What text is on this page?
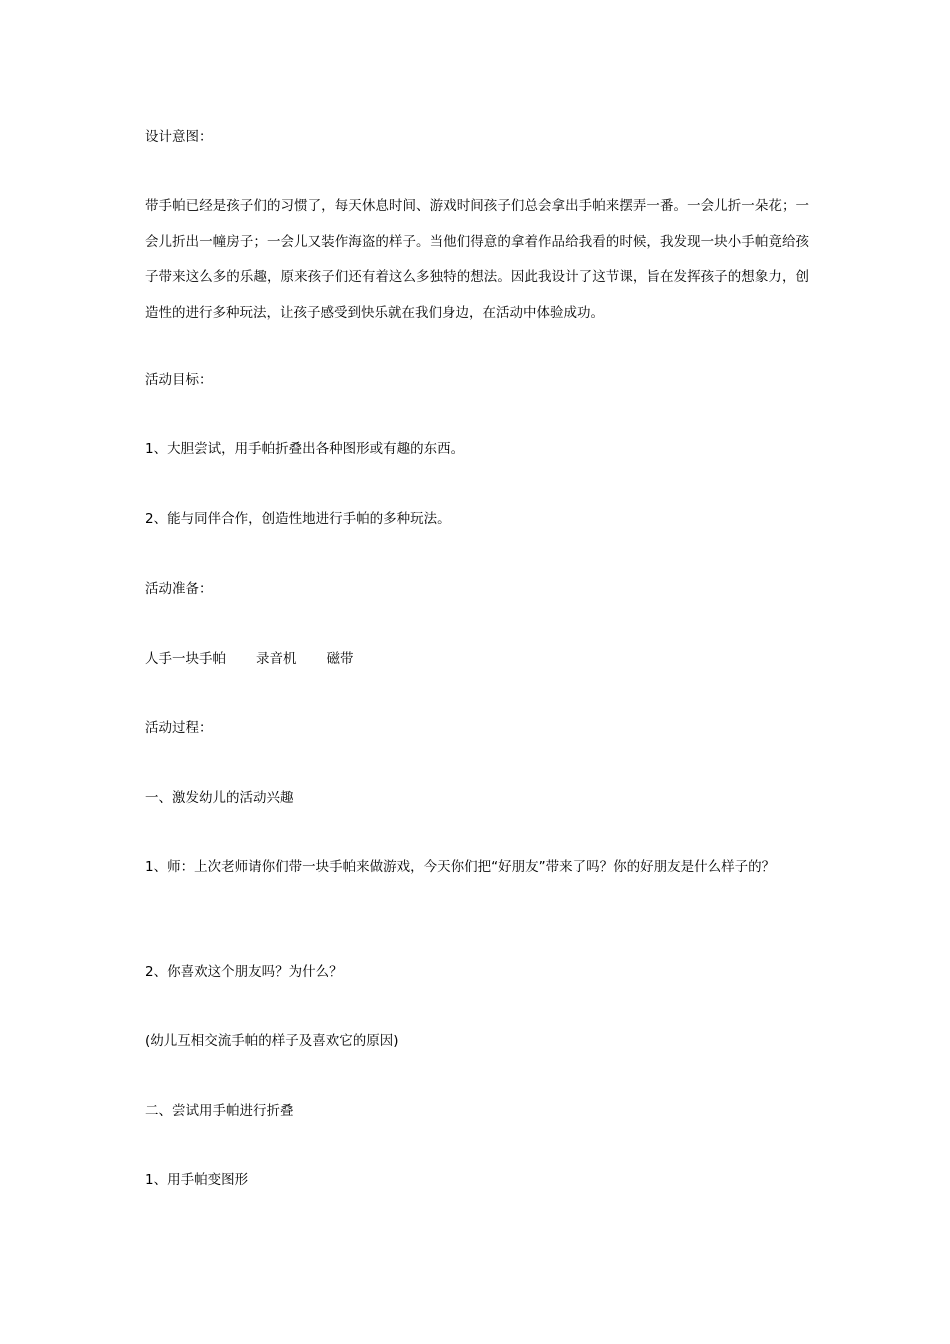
设计意图：

带手帕已经是孩子们的习惯了，每天休息时间、游戏时间孩子们总会拿出手帕来摆弄一番。一会儿折一朵花；一会儿折出一幢房子；一会儿又装作海盗的样子。当他们得意的拿着作品给我看的时候，我发现一块小手帕竟给孩子带来这么多的乐趣，原来孩子们还有着这么多独特的想法。因此我设计了这节课，旨在发挥孩子的想象力，创造性的进行多种玩法，让孩子感受到快乐就在我们身边，在活动中体验成功。

活动目标：

1、大胆尝试，用手帕折叠出各种图形或有趣的东西。

2、能与同伴合作，创造性地进行手帕的多种玩法。

活动准备：

人手一块手帕 录音机 磁带

活动过程：

一、激发幼儿的活动兴趣

1、师：上次老师请你们带一块手帕来做游戏，今天你们把“好朋友”带来了吗？你的好朋友是什么样子的？

2、你喜欢这个朋友吗？为什么？

(幼儿互相交流手帕的样子及喜欢它的原因)

二、尝试用手帕进行折叠

1、用手帕变图形
